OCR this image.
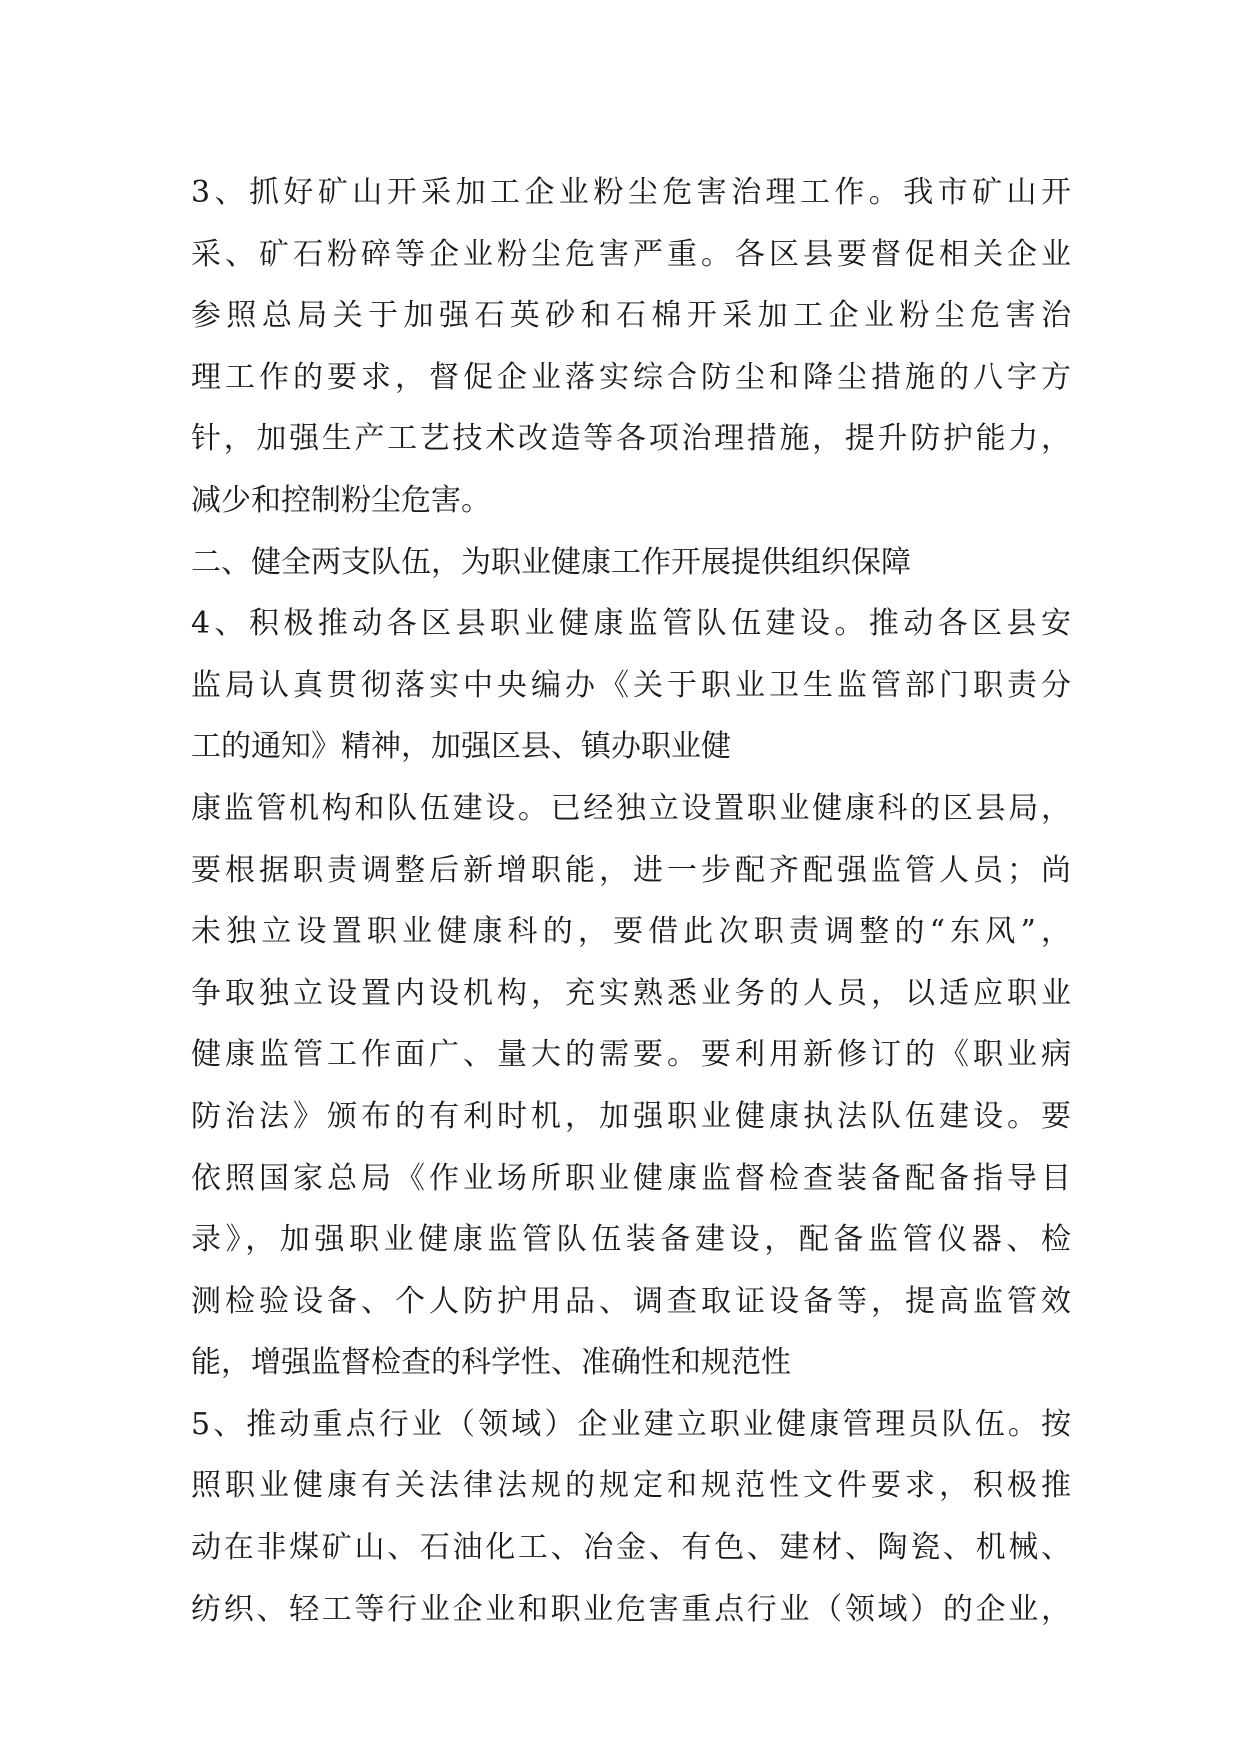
3、抓好矿山开采加工企业粉尘危害治理工作。我市矿山开
采、矿石粉碎等企业粉尘危害严重。各区县要督促相关企业
参照总局关于加强石英砂和石棉开采加工企业粉尘危害治
理工作的要求，督促企业落实综合防尘和降尘措施的八字方
针，加强生产工艺技术改造等各项治理措施，提升防护能力，
减少和控制粉尘危害。
二、健全两支队伍，为职业健康工作开展提供组织保障
4、积极推动各区县职业健康监管队伍建设。推动各区县安
监局认真贯彻落实中央编办《关于职业卫生监管部门职责分
工的通知》精神，加强区县、镇办职业健
康监管机构和队伍建设。已经独立设置职业健康科的区县局，
要根据职责调整后新增职能，进一步配齐配强监管人员；尚
未独立设置职业健康科的，要借此次职责调整的“东风”，
争取独立设置内设机构，充实熟悉业务的人员，以适应职业
健康监管工作面广、量大的需要。要利用新修订的《职业病
防治法》颁布的有利时机，加强职业健康执法队伍建设。要
依照国家总局《作业场所职业健康监督检查装备配备指导目
录》，加强职业健康监管队伍装备建设，配备监管仪器、检
测检验设备、个人防护用品、调查取证设备等，提高监管效
能，增强监督检查的科学性、准确性和规范性
5、推动重点行业（领域）企业建立职业健康管理员队伍。按
照职业健康有关法律法规的规定和规范性文件要求，积极推
动在非煤矿山、石油化工、冶金、有色、建材、陶瓷、机械、
纺织、轻工等行业企业和职业危害重点行业（领域）的企业，
